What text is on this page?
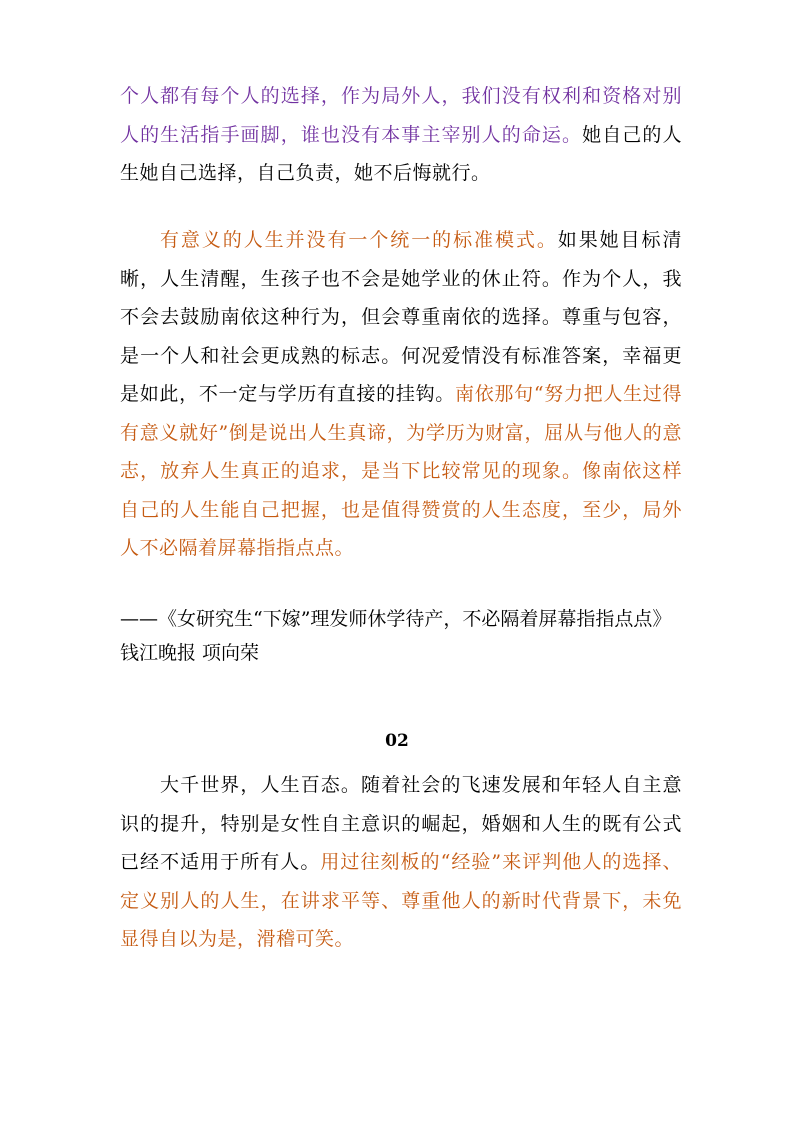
个人都有每个人的选择，作为局外人，我们没有权利和资格对别人的生活指手画脚，谁也没有本事主宰别人的命运。她自己的人生她自己选择，自己负责，她不后悔就行。

有意义的人生并没有一个统一的标准模式。如果她目标清晰，人生清醒，生孩子也不会是她学业的休止符。作为个人，我不会去鼓励南依这种行为，但会尊重南依的选择。尊重与包容，是一个人和社会更成熟的标志。何况爱情没有标准答案，幸福更是如此，不一定与学历有直接的挂钩。南依那句“努力把人生过得有意义就好”倒是说出人生真谛，为学历为财富，屈从与他人的意志，放弃人生真正的追求，是当下比较常见的现象。像南依这样自己的人生能自己把握，也是值得赞赏的人生态度，至少，局外人不必隔着屏幕指指点点。

——《女研究生“下嫁”理发师休学待产，不必隔着屏幕指指点点》
钱江晚报 项向荣
02

大千世界，人生百态。随着社会的飞速发展和年轻人自主意识的提升，特别是女性自主意识的崛起，婚姻和人生的既有公式已经不适用于所有人。用过往刻板的“经验”来评判他人的选择、定义别人的人生，在讲求平等、尊重他人的新时代背景下，未免显得自以为是，滑稽可笑。
